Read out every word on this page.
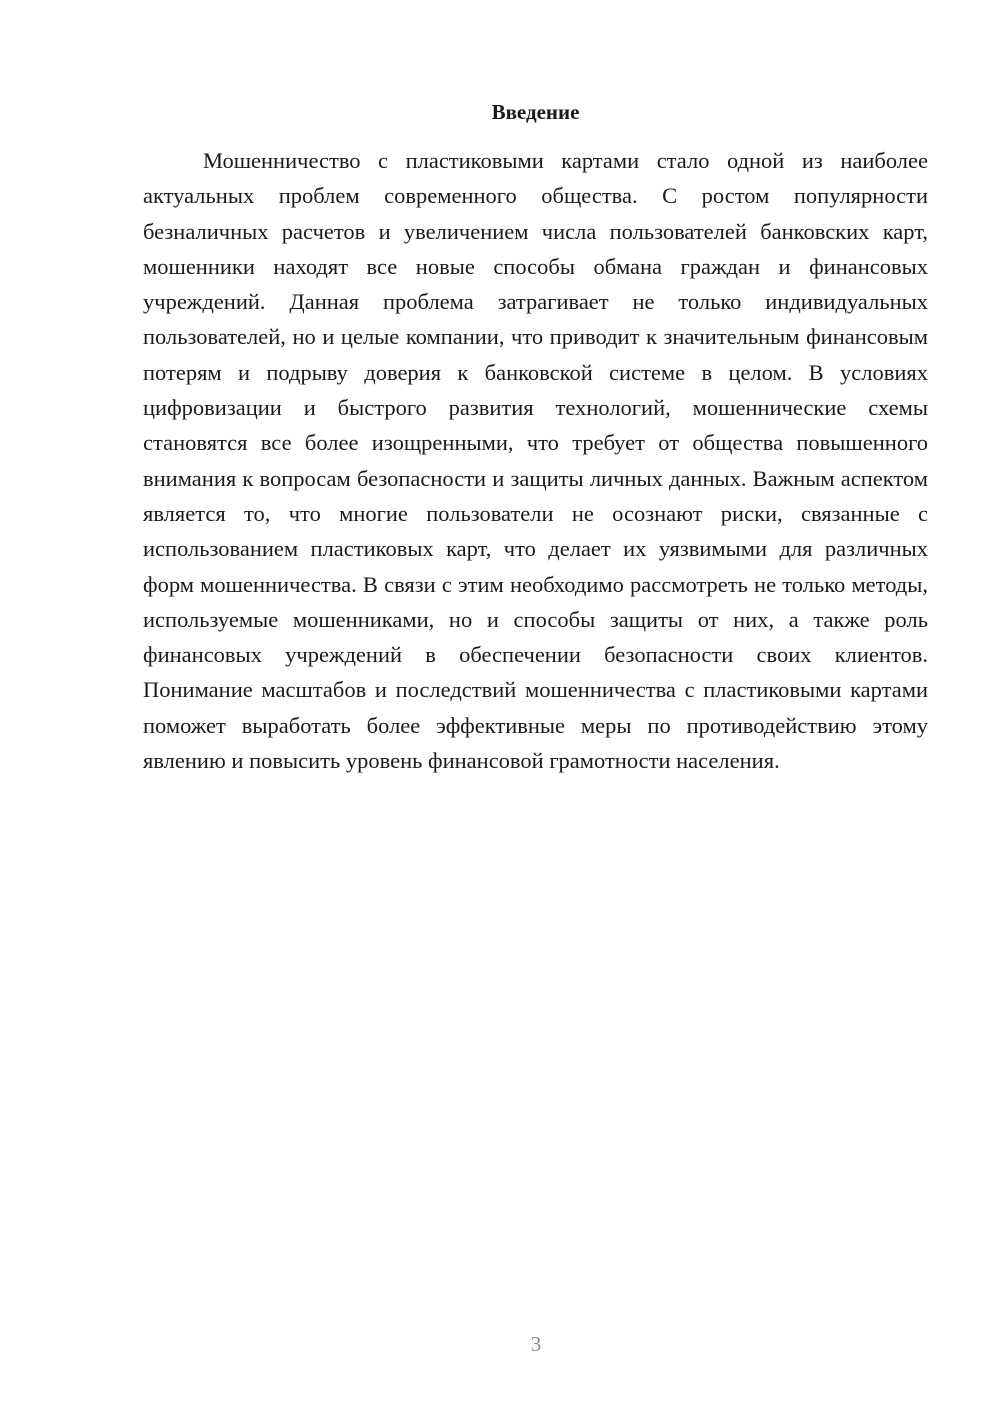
Введение

Мошенничество с пластиковыми картами стало одной из наиболее актуальных проблем современного общества. С ростом популярности безналичных расчетов и увеличением числа пользователей банковских карт, мошенники находят все новые способы обмана граждан и финансовых учреждений. Данная проблема затрагивает не только индивидуальных пользователей, но и целые компании, что приводит к значительным финансовым потерям и подрыву доверия к банковской системе в целом. В условиях цифровизации и быстрого развития технологий, мошеннические схемы становятся все более изощренными, что требует от общества повышенного внимания к вопросам безопасности и защиты личных данных. Важным аспектом является то, что многие пользователи не осознают риски, связанные с использованием пластиковых карт, что делает их уязвимыми для различных форм мошенничества. В связи с этим необходимо рассмотреть не только методы, используемые мошенниками, но и способы защиты от них, а также роль финансовых учреждений в обеспечении безопасности своих клиентов. Понимание масштабов и последствий мошенничества с пластиковыми картами поможет выработать более эффективные меры по противодействию этому явлению и повысить уровень финансовой грамотности населения.

3
